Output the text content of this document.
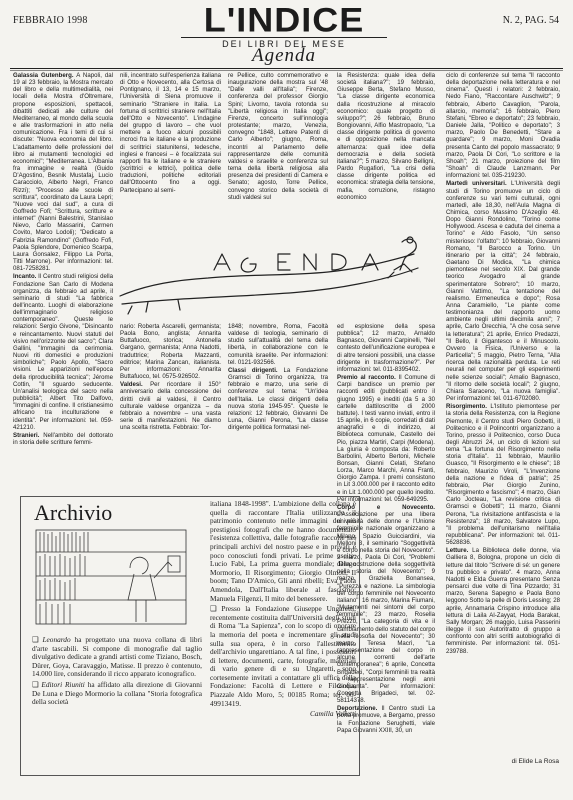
FEBBRAIO 1998	N. 2, PAG. 54
L'INDICE
DEI LIBRI DEL MESE
Agenda

Galassia Gutenberg. A Napoli, dal 19 al 23 febbraio, la Mostra mercato del libro e della multimedialità, nei locali della Mostra d'Oltremare, propone esposizioni, spettacoli, dibattiti dedicati alle culture del Mediterraneo, al mondo della scuola e alle trasformazioni in atto nella comunicazione. Fra i temi di cui si discute: "Nuova economia del libro. L'adattamento delle professioni del libro ai mutamenti tecnologici ed economici"; "Mediterranea. L'Albania fra immagine e realtà (Guido D'Agostino, Besnik Mustafaj, Lucio Caracciolo, Alberto Negri, Franco Rizzi); "Processo alle scuole di scrittura", coordinato da Laura Lepri; "Nuove voci dal sud", a cura di Goffredo Fofi; "Scrittura, scritture e internet" (Nanni Balestrini, Stanislao Nievo, Carlo Massarini, Carmen Covito, Marco Lodoli); "Dedicato a Fabrizia Ramondino" (Goffredo Fofi, Paola Splendore, Domenico Scarpa, Laura Gonsalez, Filippo La Porta, Titti Marrone). Per informazioni: tel. 081-7258281.

Incanto. Il Centro studi religiosi della Fondazione San Carlo di Modena organizza, da febbraio ad aprile, il seminario di studi "La fabbrica dell'incanto. Luoghi di elaborazione dell'immaginario religioso contemporaneo". Queste le relazioni: Sergio Givone, "Disincanto e reincantamento. Nuovi statuti del visivo nell'orizzonte del sacro"; Clara Gallini, "Immagini da cerimonia. Nuovi riti domestici e produzioni simboliche"; Paolo Apollo, "Sacro visioni. Le apparizioni nell'epoca della riproducibilità tecnica"; Jérome Cottin, "Il sguardo seducente. Un'analisi teologica del sacro nella pubblicità"; Albert Tito Dalfovo, "Immagini di confine. Il cristianesimo africano tra inculturazione e identità". Per informazioni: tel. 059-421210.

Stranieri. Nell'ambito del dottorato in storia delle scritture femmi-

nili, incentrato sull'esperienza italiana di Otto e Novecento, alla Certosa di Pontignano, il 13, 14 e 15 marzo, l'Università di Siena promuove il seminario "Straniere in Italia. La fortuna di scrittrici straniere nell'Italia dell'Otto e Novecento". L'indagine del gruppo di lavoro – che vuol mettere a fuoco alcuni possibili incroci fra le italiane e la produzione di scrittrici statunitensi, tedesche, inglesi e francesi – è focalizzata sui rapporti fra le italiane e le straniere (scrittrici e lettrici), politica delle traduzioni, politiche editoriali dall'Ottocento fino a oggi. Partecipano al semi-

re Pellice, culto commemorativo e inaugurazione della mostra sul '48 "Dalle valli all'Italia"; Firenze, conferenza del professor Giorgio Spini; Livorno, tavola rotonda su "Libertà religiosa in Italia oggi"; Firenze, concerto sull'innologia protestante; marzo, Venezia, convegno "1848, Lettere Patenti di Carlo Alberto"; giugno, Roma, incontri al Parlamento delle rappresentanze delle comunità valdesi e israelite e conferenza sul tema della libertà religiosa alla presenza dei presidenti di Camera e Senato; agosto, Torre Pellice, convegno storico della società di studi valdesi sul

la Resistenza: quale idea della società italiana?"; 19 febbraio, Giuseppe Berta, Stefano Musso, "La classe dirigente economica dalla ricostruzione al miracolo economico: quale progetto di sviluppo?"; 26 febbraio, Bruno Bongiovanni, Alfio Mastropaolo, "La classe dirigente politica di governo e di opposizione nella mancata alternanza: quali idee della democrazia e della società italiana?"; 5 marzo, Silvano Belligni, Pardo Rugafiori, "La crisi della classe dirigente politica ed economica: strategia della tensione, mafia, corruzione, ristagno economico

nario: Roberta Ascarelli, germanista; Paola Bono, anglista; Annarita Buttafuoco, storica; Antonella Gargano, germanista; Anna Nadotti, traduttrice; Roberta Mazzanti, editrice; Marina Zancan, italianista. Per informazioni: Annarita Buttafuoco, tel. 0575-926502.

Valdesi. Per ricordare il 150° anniversario della concessione dei diritti civili ai valdesi, il Centro culturale valdese organizza – da febbraio a novembre – una vasta serie di manifestazioni. Ne diamo una scelta ristretta. Febbraio: Tor-

1848; novembre, Roma, Facoltà valdese di teologia, seminario di studio sull'attualità del tema della libertà, in collaborazione con le comunità israelite. Per informazioni: tel. 0121-932566.

Classi dirigenti. La Fondazione Gramsci di Torino organizza, tra febbraio e marzo, una serie di conferenze sul tema: "Un'idea dell'Italia. Le classi dirigenti della nuova storia 1945-95". Queste le relazioni: 12 febbraio, Giovanni De Luna, Gianni Perona, "La classe dirigente politica formatasi nel-

ed esplosione della spesa pubblica"; 12 marzo, Arnaldo Bagnasco, Giovanni Carpinelli, "Nel contesto dell'unificazione europea e di altre tensioni possibili, una classe dirigente in trasformazione?". Per informazioni: tel. 011-8395402.

Premio al racconto. Il Comune di Carpi bandisce un premio per racconti editi (pubblicati entro il giugno 1995) e inediti (da 5 a 30 cartelle dattiloscritte di 2000 battute). I testi vanno inviati, entro il 15 aprile, in 6 copie, corredati di dati anagrafici e di indirizzo, al Biblioteca comunale, Castello dei Pio, piazza Martiri, Carpi (Modena). La giuria è composta da: Roberto Barbolini, Alberto Bertoni, Michele Bonsan, Gianni Celati, Stefano Lorza, Marco Marchi, Anna Franti, Giorgio Zampa. I premi consistono in Lit 3.000.000 per il racconto edito e in Lit 1.000.000 per quello inedito. Per informazioni: tel. 059-649295.

Corpo e Novecento. L'Associazione per una libera università delle donne e l'Unione femminile nazionale organizzano a Milano, Spazio Guicciardini, via Melloni 3, il seminario "Soggettività e corpo nella storia del Novecento". 2 marzo, Paola Di Cori, "Problemi della costruzione della soggettività nella storia del Novecento"; 9 marzo, Graziella Bonansea, "Purezza e nazione. La simbologia del corpo femminile nel Novecento italiano"; 16 marzo, Marina Fiumani, "Mutamenti nei sintomi del corpo femminile"; 23 marzo, Rosella Prezzo, "La categoria di vita e il cambiamento dello statuto del corpo nella filosofia del Novecento"; 30 marzo, Teresa Macrì, "La rappresentazione del corpo in alcune correnti dell'arte contemporanea"; 6 aprile, Concetta Brigadeci, "Corpi femminili tra realtà e rappresentazione negli anni Cinquanta". Per informazioni: Concetta Brigadeci, tel. 02-58114378.

Deportazione. Il Centro studi La porta promuove, a Bergamo, presso la Fondazione Serughetti, viale Papa Giovanni XXIII, 30, un

ciclo di conferenze sul tema "Il racconto della deportazione nella letteratura e nel cinema". Questi i relatori: 2 febbraio, Nedo Fiano, "Raccontare Auschwitz"; 9 febbraio, Alberto Cavaglion, "Parola, allarcio, memoria"; 16 febbraio, Piero Stefani, "Ebreo e deportato"; 23 febbraio, Daniele Jalla, "Politico e deportato"; 3 marzo, Paolo De Benedetti, "Stare a guardare"; 9 marzo, Moni Ovadia presenta Canto del popolo massacrato; 9 marzo, Paola Di Cori, "Lo scrittore e la Shoah"; 21 marzo, proiezione del film "Shoah" di Claude Lanzmann. Per informazioni: tel. 035-219230.

Martedì universitari. L'Università degli studi di Torino promuove un ciclo di conferenze su vari temi culturali, ogni martedì, alle 18,30, nell'Aula Magna di Chimica, corso Massimo D'Azeglio 48. Dopo Gianni Rondolino, "Torino come Hollywood. Ascesa e caduta del cinema a Torino" e Aldo Fasolo, "Un senso misterioso: l'olfatto": 10 febbraio, Giovanni Romano, "Il Barocco a Torino. Un itinerario per la città"; 24 febbraio, Gaetano Di Modica, "La chimica piemontese nel secolo XIX. Dal grande teorico Avogadro al grande sperimentatore Sobrero"; 10 marzo, Gianni Vattimo, "La tentazione del realismo. Ermeneutica e dopo"; Rosa Anna Caramiello, "Le piante come testimonianza del rapporto uomo ambiente negli ultimi diecimila anni"; 7 aprile, Carlo Orecchia, "A che cosa serve la letteratura"; 21 aprile, Enrico Predazzi, "Il Bello, il Gigantesco e il Minuscolo. Ovvero la Fisica, l'Universo e la Particella"; 5 maggio, Pietro Terna, "Alla ricerca della razionalità perduta. Le reti neurali nel computer per gli esperimenti nelle scienze sociali"; Amalio Bagnasco, "Il ritorno delle società locali"; 2 giugno, Chiara Saraceno, "La nuova famiglia". Per informazioni: tel. 011-6702080.

Risorgimento. L'Istituto piemontese per la storia della Resistenza, con la Regione Piemonte, il Centro studi Piero Gobetti, il Politecnico e il Polincontri organizzano a Torino, presso il Politecnico, corso Duca degli Abruzzi 24, un ciclo di lezioni sul tema "La fortuna del Risorgimento nella storia d'Italia". 11 febbraio, Maurilio Guasco, "Il Risorgimento e le chiese"; 18 febbraio, Maurizio Viroli, "L'invenzione della nazione e l'idea di patria"; 25 febbraio, Pier Giorgio Zunino, "Risorgimento e fascismo"; 4 marzo, Gian Carlo Jocteau, "La revisione critica di Gramsci e Gobetti"; 11 marzo, Gianni Perona, "La rivisitazione antifascista e la Resistenza"; 18 marzo, Salvatore Lupo, "Il problema dell'unitarismo nell'Italia repubblicana". Per informazioni: tel. 011-5628836.

Letture. La Biblioteca delle donne, via Galliera 8, Bologna, propone un ciclo di letture dal titolo "Scrivere di sé: un genere tra pubblico e privato". 4 marzo, Anna Nadotti e Elda Guerra presentano Senza pensarci due volte di Tina Pizzardo; 31 marzo, Serena Sapegno e Paola Bono leggono Sotto la pelle di Doris Lessing; 28 aprile, Annamaria Crispino introduce alla lettura di Laila Al-Zayyat, Hoda Barakat, Sally Morgan; 26 maggio, Luisa Passerini illegge il suo Autoritratto di gruppo a confronto con altri scritti autobiografici di femministe. Per informazioni: tel. 051-239788.

di Elide La Rosa
Archivio

❑ Leonardo ha progettato una nuova collana di libri d'arte tascabili. Si compone di monografie dal taglio divulgativo dedicate a grandi artisti come Tiziano, Bosch, Dürer, Goya, Caravaggio, Matisse. Il prezzo è contenuto, 14.000 lire, considerando il ricco apparato iconografico.

❑ Editori Riuniti ha affidato alla direzione di Giovanni De Luna e Diego Mormorio la collana "Storia fotografica della società

italiana 1848-1998". L'ambizione della collana è quella di raccontare l'Italia utilizzando il patrimonio contenuto nelle immagini dei più prestigiosi fotografi che ne hanno documentato l'esistenza collettiva, dalle fotografie raccolte nei principali archivi del nostro paese e in privati e poco conosciuti fondi privati. Le prime uscite: Lucio Fabi, La prima guerra mondiale; Diego Mormorio, Il Risorgimento; Giorgio Olmoti, Il boom; Tano D'Amico, Gli anni ribelli; Eva Paola Amendola, Dall'Italia liberale al fascismo; Manuela Filgenzi, Il mito del benessere.

❑ Presso la Fondazione Giuseppe Ungaretti, recentemente costituita dall'Università degli studi di Roma "La Sapienza", con lo scopo di onorare la memoria del poeta e incrementare gli studi sulla sua opera, è in corso l'allestimento dell'archivio ungarettiano. A tal fine, i possessori di lettere, documenti, carte, fotografie, materiali di vario genere di e su Ungaretti, sono cortesemente invitati a contattare gli uffici della Fondazione: Facoltà di Lettere e Filosofia, Piazzale Aldo Moro, 5; 00185 Roma; tel. 06-49913419.

Camilla Valletti
